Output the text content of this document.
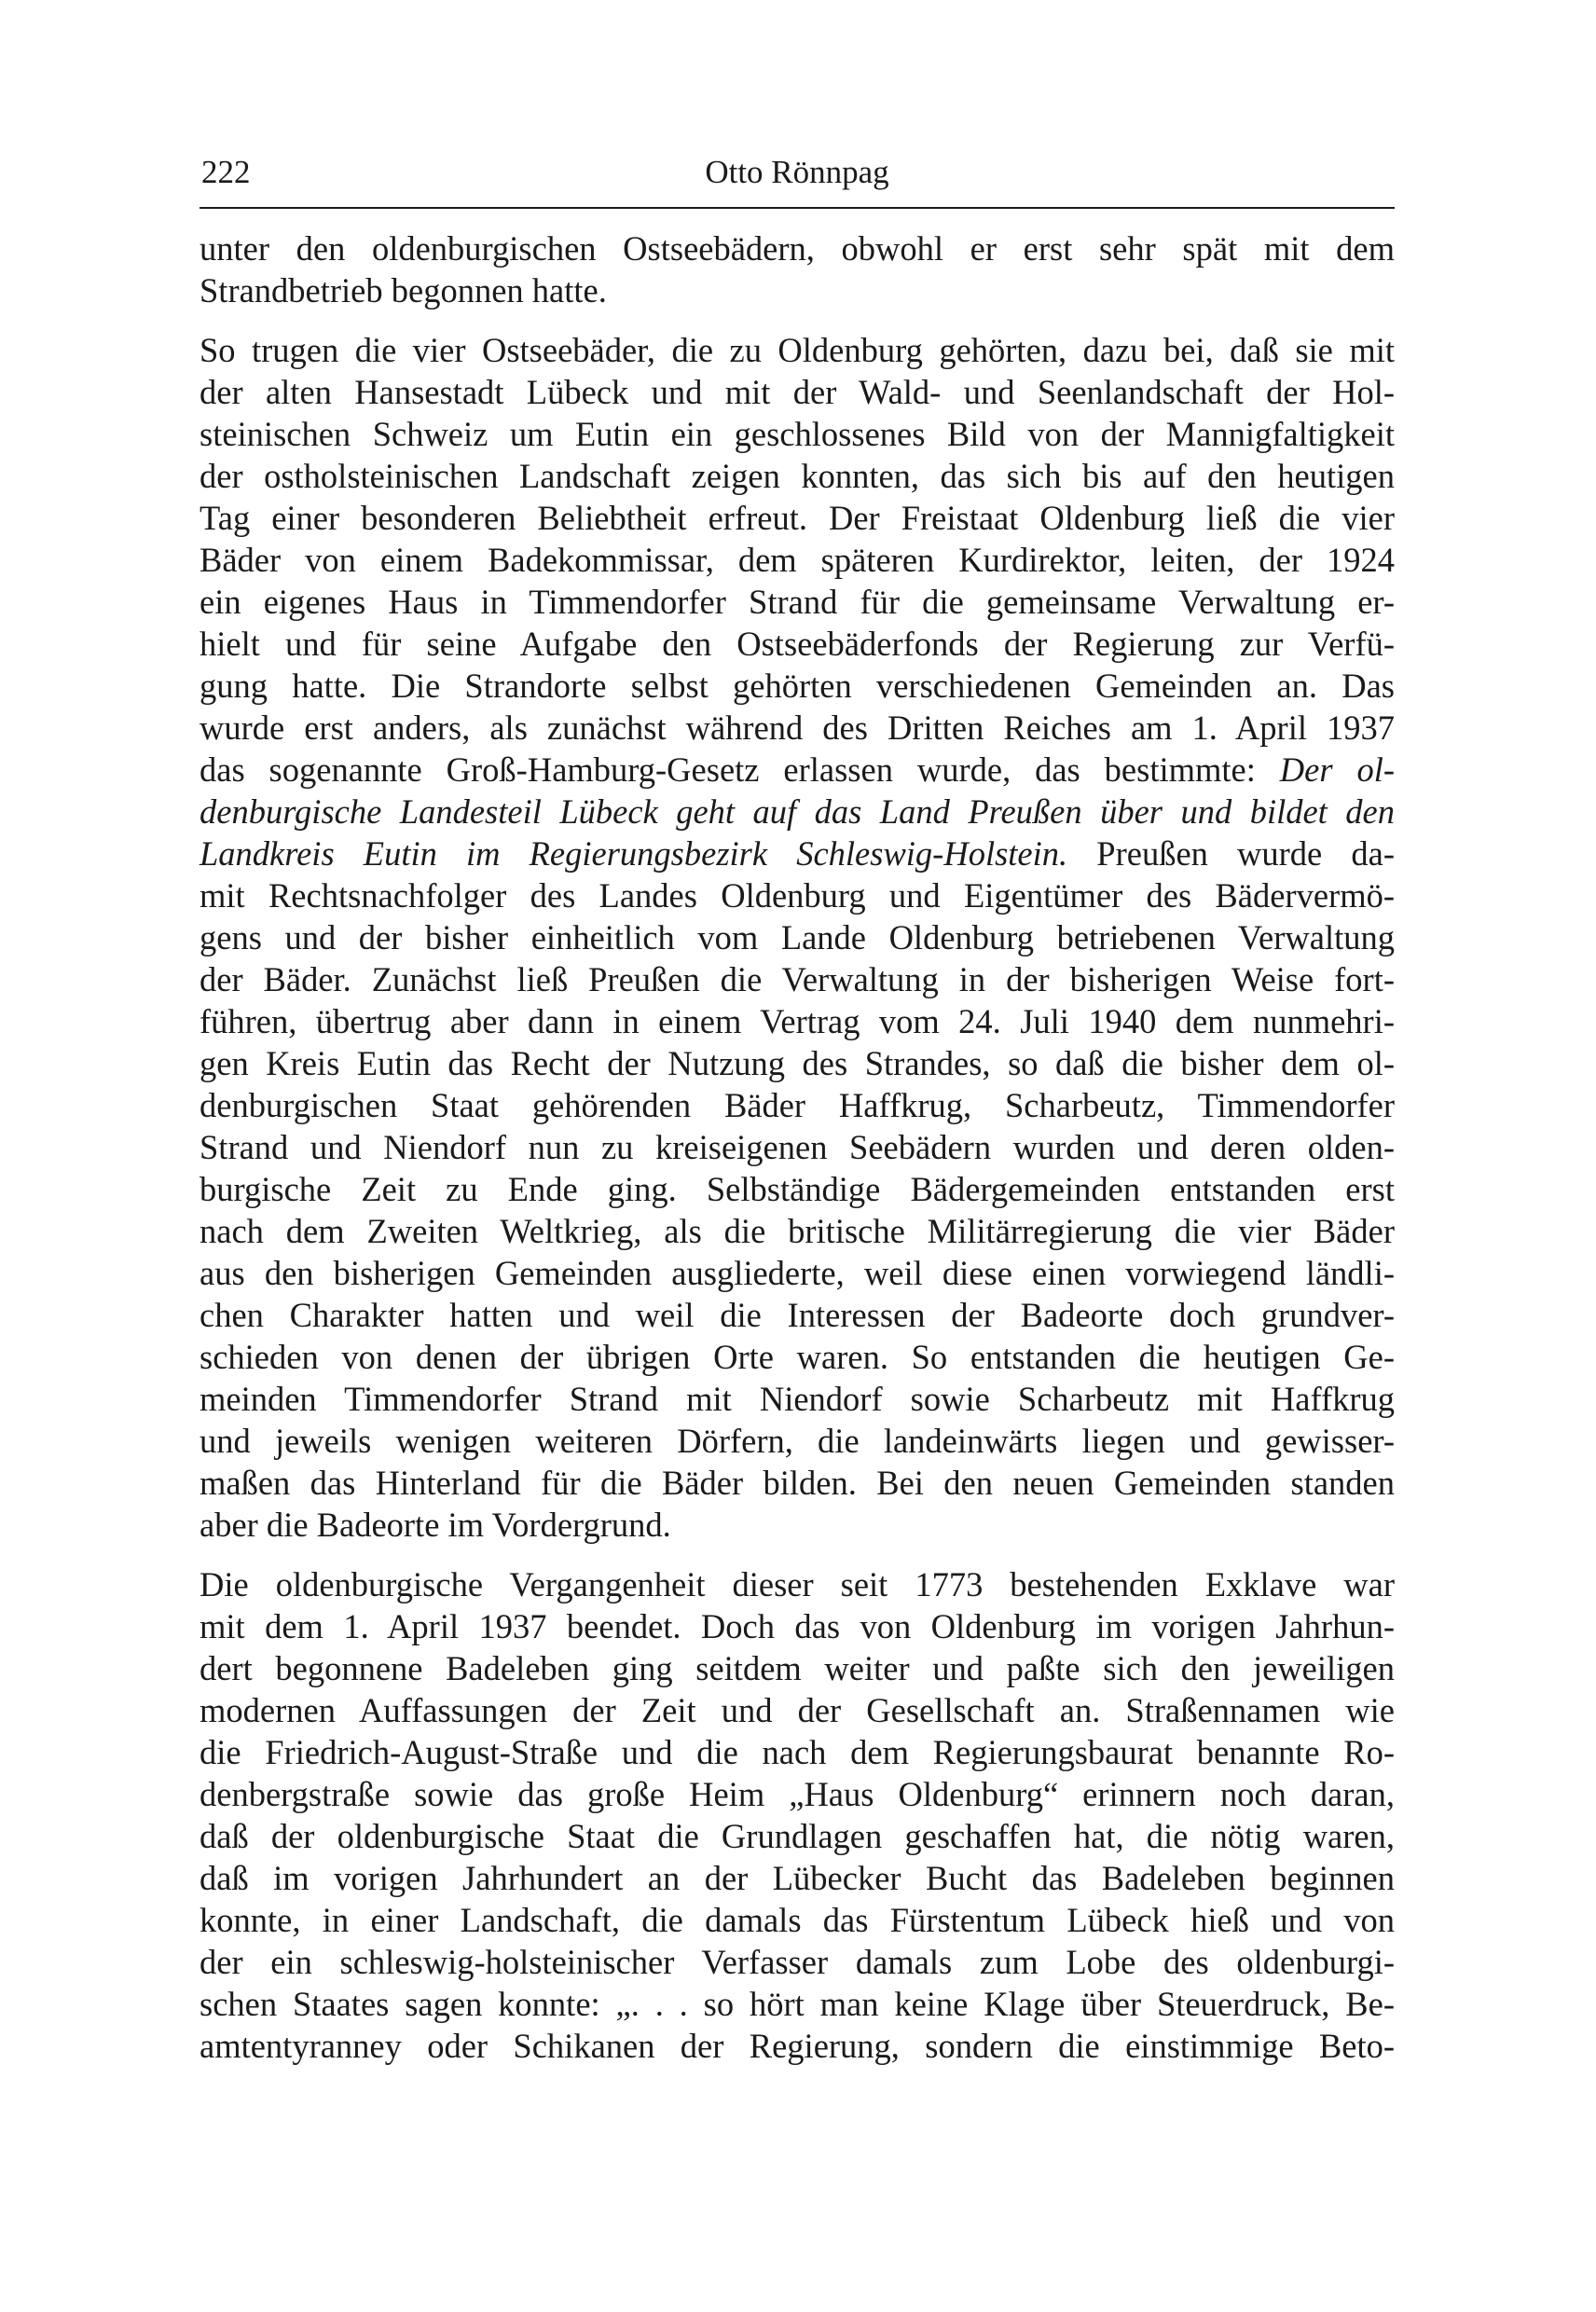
222	Otto Rönnpag

unter den oldenburgischen Ostseebädern, obwohl er erst sehr spät mit dem
Strandbetrieb begonnen hatte.

So trugen die vier Ostseebäder, die zu Oldenburg gehörten, dazu bei, daß sie mit
der alten Hansestadt Lübeck und mit der Wald- und Seenlandschaft der Hol-
steinischen Schweiz um Eutin ein geschlossenes Bild von der Mannigfaltigkeit
der ostholsteinischen Landschaft zeigen konnten, das sich bis auf den heutigen
Tag einer besonderen Beliebtheit erfreut. Der Freistaat Oldenburg ließ die vier
Bäder von einem Badekommissar, dem späteren Kurdirektor, leiten, der 1924
ein eigenes Haus in Timmendorfer Strand für die gemeinsame Verwaltung er-
hielt und für seine Aufgabe den Ostseebäderfonds der Regierung zur Verfü-
gung hatte. Die Strandorte selbst gehörten verschiedenen Gemeinden an. Das
wurde erst anders, als zunächst während des Dritten Reiches am 1. April 1937
das sogenannte Groß-Hamburg-Gesetz erlassen wurde, das bestimmte: Der ol-
denburgische Landesteil Lübeck geht auf das Land Preußen über und bildet den
Landkreis Eutin im Regierungsbezirk Schleswig-Holstein. Preußen wurde da-
mit Rechtsnachfolger des Landes Oldenburg und Eigentümer des Bädervermö-
gens und der bisher einheitlich vom Lande Oldenburg betriebenen Verwaltung
der Bäder. Zunächst ließ Preußen die Verwaltung in der bisherigen Weise fort-
führen, übertrug aber dann in einem Vertrag vom 24. Juli 1940 dem nunmehri-
gen Kreis Eutin das Recht der Nutzung des Strandes, so daß die bisher dem ol-
denburgischen Staat gehörenden Bäder Haffkrug, Scharbeutz, Timmendorfer
Strand und Niendorf nun zu kreiseigenen Seebädern wurden und deren olden-
burgische Zeit zu Ende ging. Selbständige Bädergemeinden entstanden erst
nach dem Zweiten Weltkrieg, als die britische Militärregierung die vier Bäder
aus den bisherigen Gemeinden ausgliederte, weil diese einen vorwiegend ländli-
chen Charakter hatten und weil die Interessen der Badeorte doch grundver-
schieden von denen der übrigen Orte waren. So entstanden die heutigen Ge-
meinden Timmendorfer Strand mit Niendorf sowie Scharbeutz mit Haffkrug
und jeweils wenigen weiteren Dörfern, die landeinwärts liegen und gewisser-
maßen das Hinterland für die Bäder bilden. Bei den neuen Gemeinden standen
aber die Badeorte im Vordergrund.

Die oldenburgische Vergangenheit dieser seit 1773 bestehenden Exklave war
mit dem 1. April 1937 beendet. Doch das von Oldenburg im vorigen Jahrhun-
dert begonnene Badeleben ging seitdem weiter und paßte sich den jeweiligen
modernen Auffassungen der Zeit und der Gesellschaft an. Straßennamen wie
die Friedrich-August-Straße und die nach dem Regierungsbaurat benannte Ro-
denbergstraße sowie das große Heim „Haus Oldenburg“ erinnern noch daran,
daß der oldenburgische Staat die Grundlagen geschaffen hat, die nötig waren,
daß im vorigen Jahrhundert an der Lübecker Bucht das Badeleben beginnen
konnte, in einer Landschaft, die damals das Fürstentum Lübeck hieß und von
der ein schleswig-holsteinischer Verfasser damals zum Lobe des oldenburgi-
schen Staates sagen konnte: „. . . so hört man keine Klage über Steuerdruck, Be-
amtentyranney oder Schikanen der Regierung, sondern die einstimmige Beto-
